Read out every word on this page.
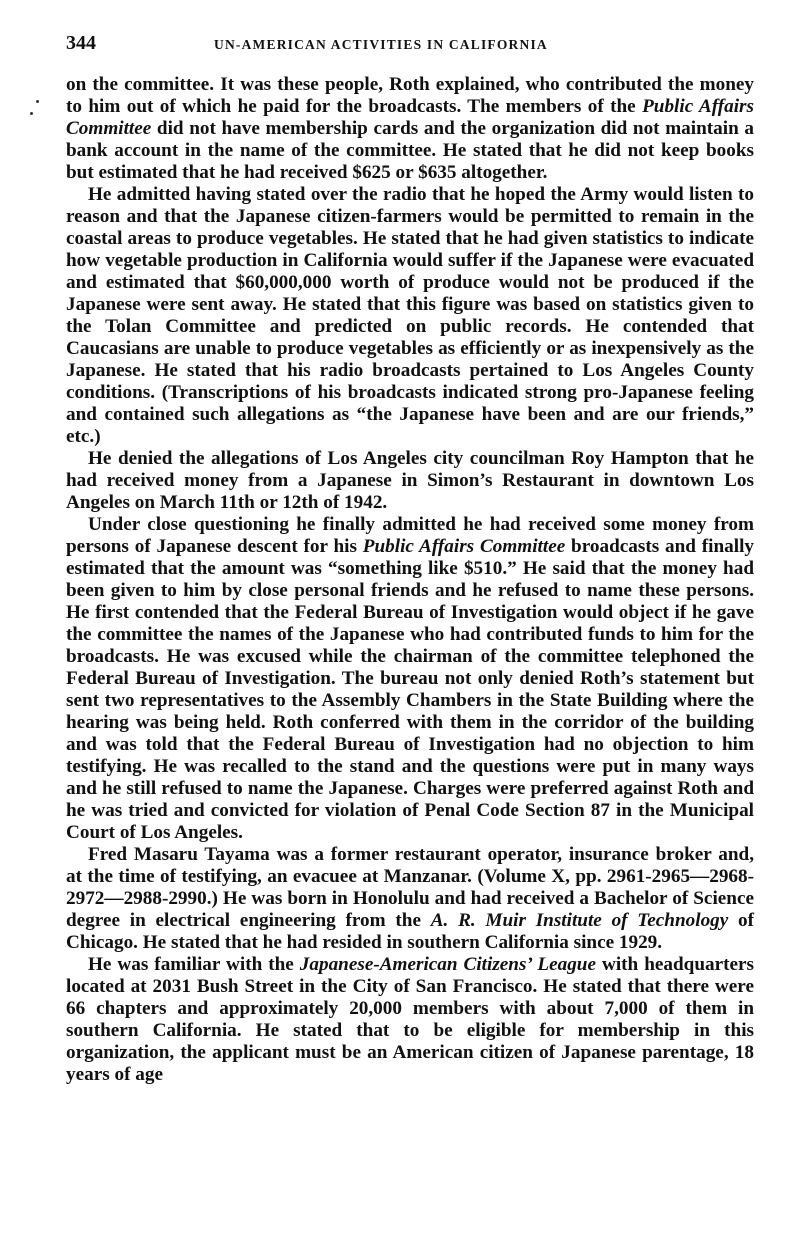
344	UN-AMERICAN ACTIVITIES IN CALIFORNIA

on the committee. It was these people, Roth explained, who contributed the money to him out of which he paid for the broadcasts. The members of the Public Affairs Committee did not have membership cards and the organization did not maintain a bank account in the name of the committee. He stated that he did not keep books but estimated that he had received $625 or $635 altogether.

He admitted having stated over the radio that he hoped the Army would listen to reason and that the Japanese citizen-farmers would be permitted to remain in the coastal areas to produce vegetables. He stated that he had given statistics to indicate how vegetable production in California would suffer if the Japanese were evacuated and estimated that $60,000,000 worth of produce would not be produced if the Japanese were sent away. He stated that this figure was based on statistics given to the Tolan Committee and predicted on public records. He contended that Caucasians are unable to produce vegetables as efficiently or as inexpensively as the Japanese. He stated that his radio broadcasts pertained to Los Angeles County conditions. (Transcriptions of his broadcasts indicated strong pro-Japanese feeling and contained such allegations as “the Japanese have been and are our friends,” etc.)

He denied the allegations of Los Angeles city councilman Roy Hampton that he had received money from a Japanese in Simon’s Restaurant in downtown Los Angeles on March 11th or 12th of 1942.

Under close questioning he finally admitted he had received some money from persons of Japanese descent for his Public Affairs Committee broadcasts and finally estimated that the amount was “something like $510.” He said that the money had been given to him by close personal friends and he refused to name these persons. He first contended that the Federal Bureau of Investigation would object if he gave the committee the names of the Japanese who had contributed funds to him for the broadcasts. He was excused while the chairman of the committee telephoned the Federal Bureau of Investigation. The bureau not only denied Roth’s statement but sent two representatives to the Assembly Chambers in the State Building where the hearing was being held. Roth conferred with them in the corridor of the building and was told that the Federal Bureau of Investigation had no objection to him testifying. He was recalled to the stand and the questions were put in many ways and he still refused to name the Japanese. Charges were preferred against Roth and he was tried and convicted for violation of Penal Code Section 87 in the Municipal Court of Los Angeles.

Fred Masaru Tayama was a former restaurant operator, insurance broker and, at the time of testifying, an evacuee at Manzanar. (Volume X, pp. 2961-2965—2968-2972—2988-2990.) He was born in Honolulu and had received a Bachelor of Science degree in electrical engineering from the A. R. Muir Institute of Technology of Chicago. He stated that he had resided in southern California since 1929.

He was familiar with the Japanese-American Citizens’ League with headquarters located at 2031 Bush Street in the City of San Francisco. He stated that there were 66 chapters and approximately 20,000 members with about 7,000 of them in southern California. He stated that to be eligible for membership in this organization, the applicant must be an American citizen of Japanese parentage, 18 years of age
